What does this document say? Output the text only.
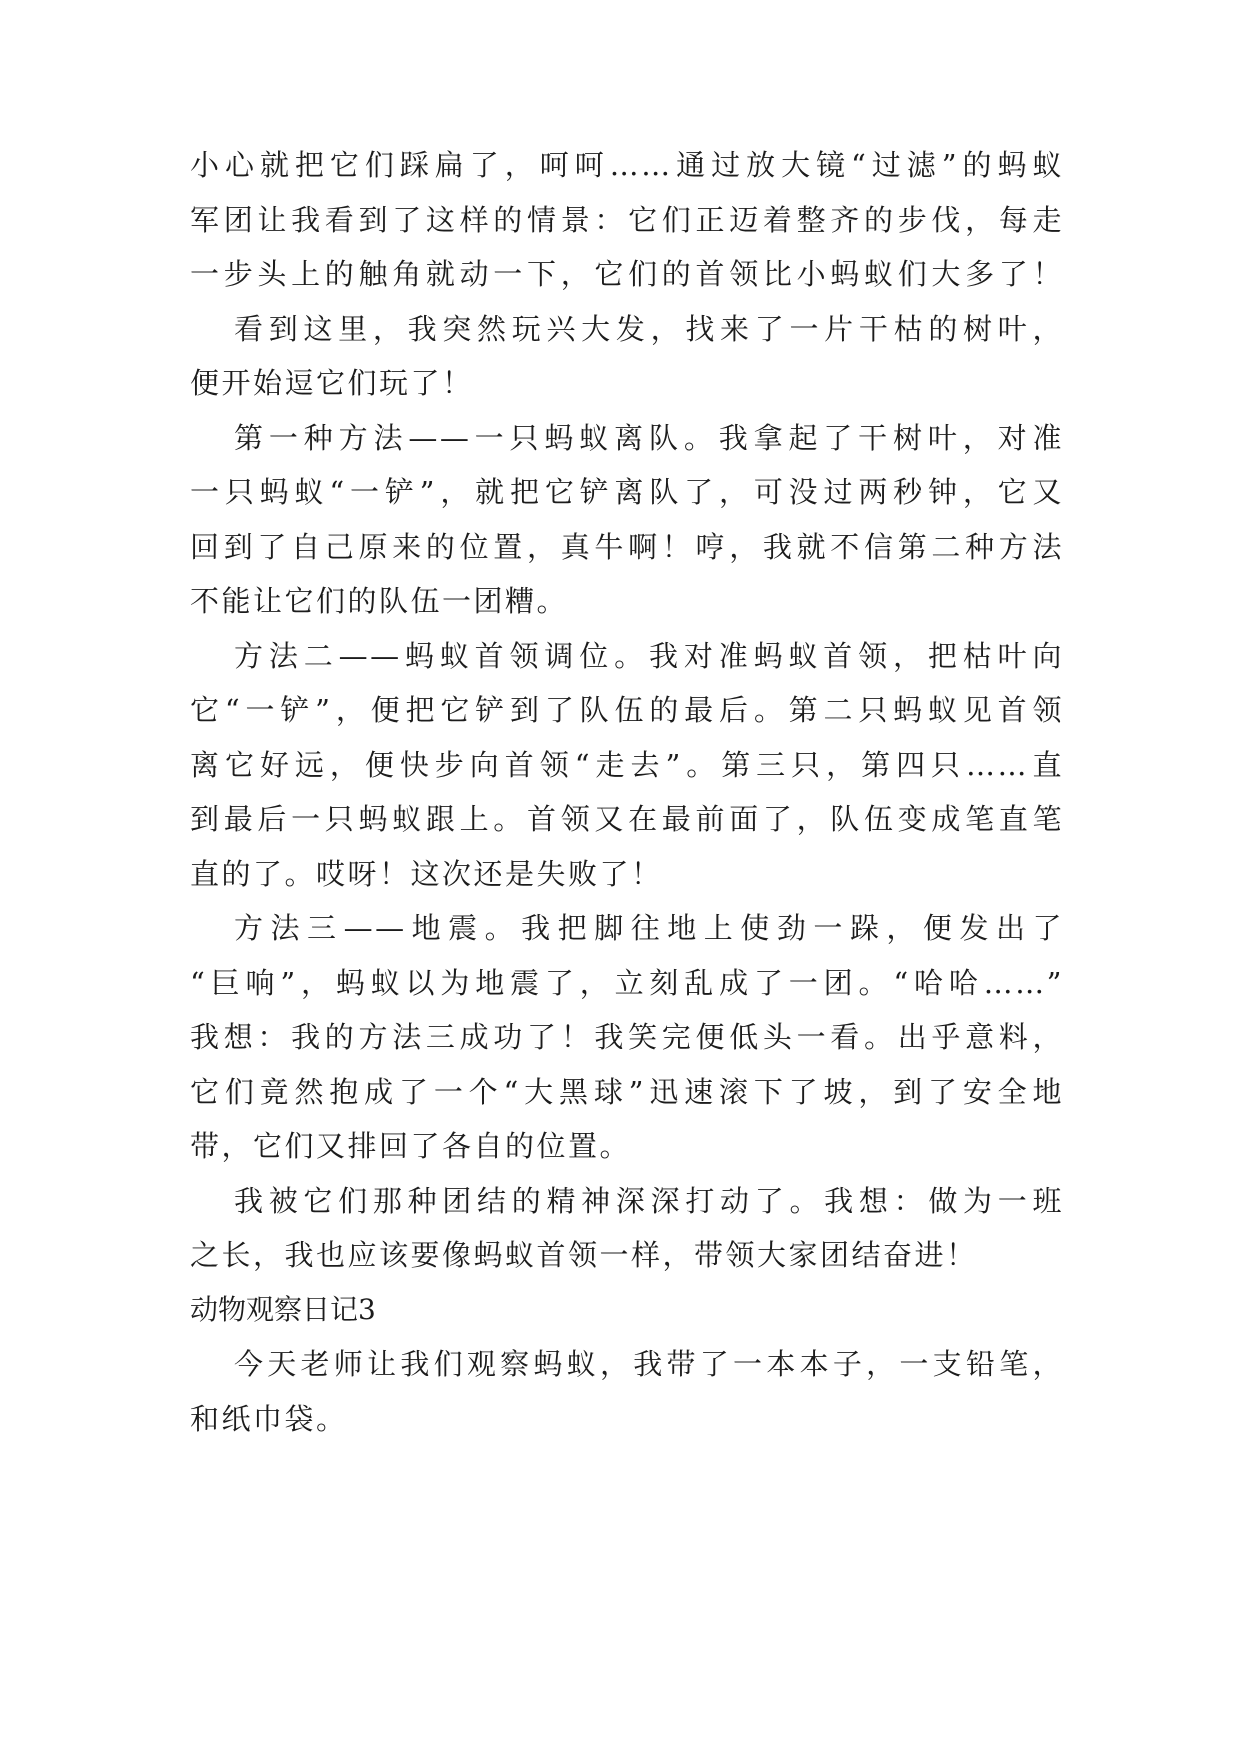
小心就把它们踩扁了，呵呵……通过放大镜“过滤”的蚂蚁
军团让我看到了这样的情景：它们正迈着整齐的步伐，每走
一步头上的触角就动一下，它们的首领比小蚂蚁们大多了！
看到这里，我突然玩兴大发，找来了一片干枯的树叶，
便开始逗它们玩了！
第一种方法——一只蚂蚁离队。我拿起了干树叶，对准
一只蚂蚁“一铲”，就把它铲离队了，可没过两秒钟，它又
回到了自己原来的位置，真牛啊！哼，我就不信第二种方法
不能让它们的队伍一团糟。
方法二——蚂蚁首领调位。我对准蚂蚁首领，把枯叶向
它“一铲”，便把它铲到了队伍的最后。第二只蚂蚁见首领
离它好远，便快步向首领“走去”。第三只，第四只……直
到最后一只蚂蚁跟上。首领又在最前面了，队伍变成笔直笔
直的了。哎呀！这次还是失败了！
方法三——地震。我把脚往地上使劲一跺，便发出了
“巨响”，蚂蚁以为地震了，立刻乱成了一团。“哈哈……”
我想：我的方法三成功了！我笑完便低头一看。出乎意料，
它们竟然抱成了一个“大黑球”迅速滚下了坡，到了安全地
带，它们又排回了各自的位置。
我被它们那种团结的精神深深打动了。我想：做为一班
之长，我也应该要像蚂蚁首领一样，带领大家团结奋进！
动物观察日记3
今天老师让我们观察蚂蚁，我带了一本本子，一支铅笔，
和纸巾袋。
